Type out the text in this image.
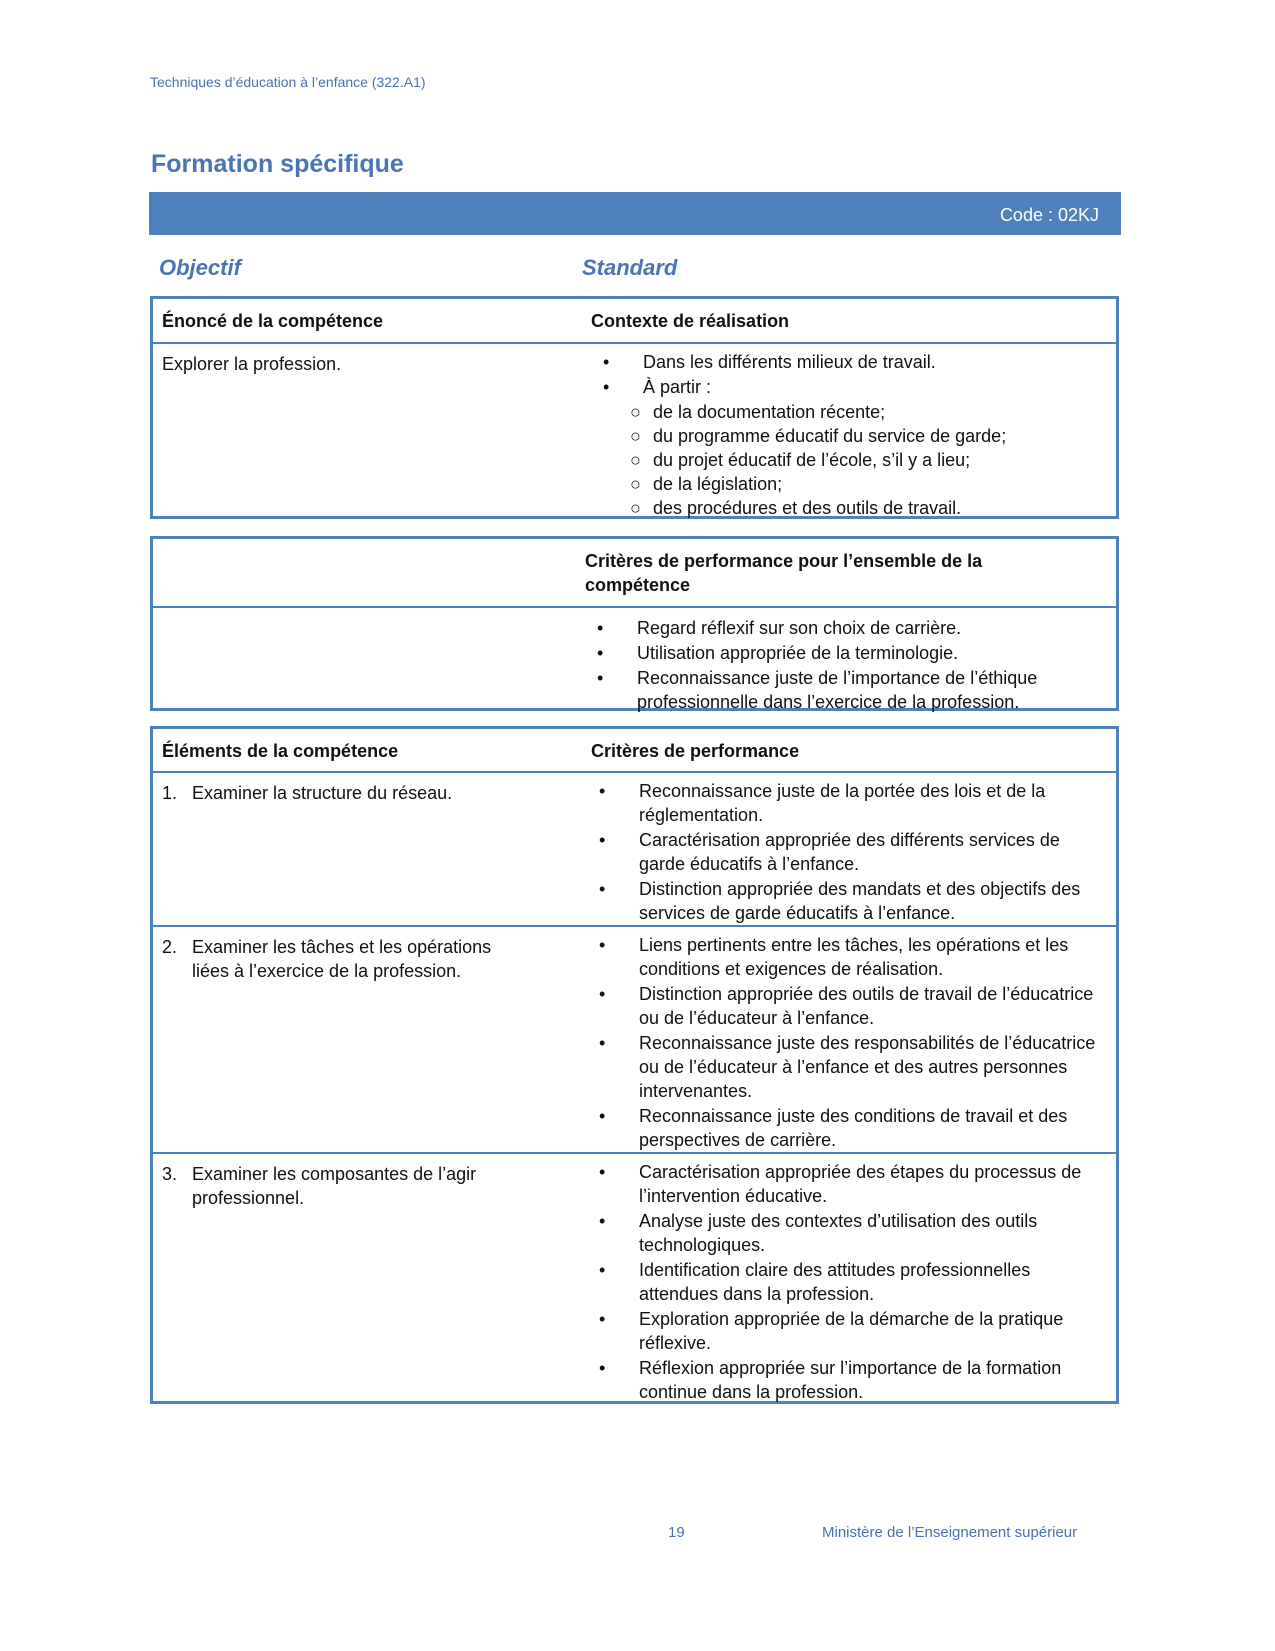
Techniques d’éducation à l’enfance (322.A1)
Formation spécifique
Code : 02KJ
Objectif	Standard
Énoncé de la compétence	Contexte de réalisation
Explorer la profession.	• Dans les différents milieux de travail.
• À partir :
○ de la documentation récente;
○ du programme éducatif du service de garde;
○ du projet éducatif de l’école, s’il y a lieu;
○ de la législation;
○ des procédures et des outils de travail.
Critères de performance pour l’ensemble de la compétence
• Regard réflexif sur son choix de carrière.
• Utilisation appropriée de la terminologie.
• Reconnaissance juste de l’importance de l’éthique professionnelle dans l’exercice de la profession.
Éléments de la compétence	Critères de performance
1. Examiner la structure du réseau.	• Reconnaissance juste de la portée des lois et de la réglementation.
• Caractérisation appropriée des différents services de garde éducatifs à l’enfance.
• Distinction appropriée des mandats et des objectifs des services de garde éducatifs à l’enfance.
2. Examiner les tâches et les opérations liées à l’exercice de la profession.
• Liens pertinents entre les tâches, les opérations et les conditions et exigences de réalisation.
• Distinction appropriée des outils de travail de l’éducatrice ou de l’éducateur à l’enfance.
• Reconnaissance juste des responsabilités de l’éducatrice ou de l’éducateur à l’enfance et des autres personnes intervenantes.
• Reconnaissance juste des conditions de travail et des perspectives de carrière.
3. Examiner les composantes de l’agir professionnel.
• Caractérisation appropriée des étapes du processus de l’intervention éducative.
• Analyse juste des contextes d’utilisation des outils technologiques.
• Identification claire des attitudes professionnelles attendues dans la profession.
• Exploration appropriée de la démarche de la pratique réflexive.
• Réflexion appropriée sur l’importance de la formation continue dans la profession.
19	Ministère de l’Enseignement supérieur
